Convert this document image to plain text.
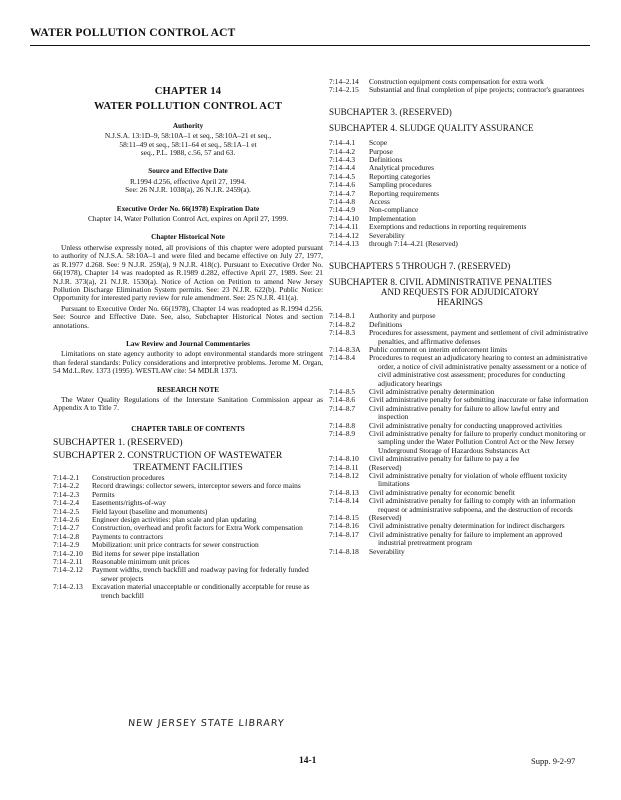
WATER POLLUTION CONTROL ACT
CHAPTER 14
WATER POLLUTION CONTROL ACT
Authority

N.J.S.A. 13:1D–9, 58:10A–1 et seq., 58:10A–21 et seq.,

58:11–49 et seq., 58:11–64 et seq., 58:1A–1 et

seq., P.L. 1988, c.56, 57 and 63.

Source and Effective Date

R.1994 d.256, effective April 27, 1994.

See: 26 N.J.R. 1038(a), 26 N.J.R. 2459(a).

Executive Order No. 66(1978) Expiration Date

Chapter 14, Water Pollution Control Act, expires on April 27, 1999.

Chapter Historical Note

Unless otherwise expressly noted, all provisions of this chapter were adopted pursuant to authority of N.J.S.A. 58:10A–1 and were filed and became effective on July 27, 1977, as R.1977 d.268. See: 9 N.J.R. 259(a), 9 N.J.R. 418(c). Pursuant to Executive Order No. 66(1978), Chapter 14 was readopted as R.1989 d.282, effective April 27, 1989. See: 21 N.J.R. 373(a), 21 N.J.R. 1530(a). Notice of Action on Petition to amend New Jersey Pollution Discharge Elimination System permits. See: 23 N.J.R. 622(b). Public Notice: Opportunity for interested party review for rule amendment. See: 25 N.J.R. 411(a).

Pursuant to Executive Order No. 66(1978), Chapter 14 was readopted as R.1994 d.256. See: Source and Effective Date. See, also, Subchapter Historical Notes and section annotations.

Law Review and Journal Commentaries

Limitations on state agency authority to adopt environmental standards more stringent than federal standards: Policy considerations and interpretive problems. Jerome M. Organ, 54 Md.L.Rev. 1373 (1995). WESTLAW cite: 54 MDLR 1373.

RESEARCH NOTE

The Water Quality Regulations of the Interstate Sanitation Commission appear as Appendix A to Title 7.

CHAPTER TABLE OF CONTENTS
SUBCHAPTER 1. (RESERVED)
SUBCHAPTER 2. CONSTRUCTION OF WASTEWATER
TREATMENT FACILITIES
7:14–2.1	Construction procedures
7:14–2.2	Record drawings: collector sewers, interceptor sewers and force mains
7:14–2.3	Permits
7:14–2.4	Easements/rights-of-way
7:14–2.5	Field layout (baseline and monuments)
7:14–2.6	Engineer design activities: plan scale and plan updating
7:14–2.7	Construction, overhead and profit factors for Extra Work compensation
7:14–2.8	Payments to contractors
7:14–2.9	Mobilization: unit price contracts for sewer construction
7:14–2.10	Bid items for sewer pipe installation
7:14–2.11	Reasonable minimum unit prices
7:14–2.12	Payment widths, trench backfill and roadway paving for federally funded sewer projects
7:14–2.13	Excavation material unacceptable or conditionally acceptable for reuse as trench backfill
7:14–2.14	Construction equipment costs compensation for extra work
7:14–2.15	Substantial and final completion of pipe projects; contractor's guarantees
SUBCHAPTER 3. (RESERVED)
SUBCHAPTER 4. SLUDGE QUALITY ASSURANCE
7:14–4.1	Scope
7:14–4.2	Purpose
7:14–4.3	Definitions
7:14–4.4	Analytical procedures
7:14–4.5	Reporting categories
7:14–4.6	Sampling procedures
7:14–4.7	Reporting requirements
7:14–4.8	Access
7:14–4.9	Non-compliance
7:14–4.10	Implementation
7:14–4.11	Exemptions and reductions in reporting requirements
7:14–4.12	Severability
7:14–4.13	through 7:14–4.21 (Reserved)
SUBCHAPTERS 5 THROUGH 7. (RESERVED)
SUBCHAPTER 8. CIVIL ADMINISTRATIVE PENALTIES
AND REQUESTS FOR ADJUDICATORY
HEARINGS
7:14–8.1	Authority and purpose
7:14–8.2	Definitions
7:14–8.3	Procedures for assessment, payment and settlement of civil administrative penalties, and affirmative defenses
7:14–8.3A	Public comment on interim enforcement limits
7:14–8.4	Procedures to request an adjudicatory hearing to contest an administrative order, a notice of civil administrative penalty assessment or a notice of civil administrative cost assessment; procedures for conducting adjudicatory hearings
7:14–8.5	Civil administrative penalty determination
7:14–8.6	Civil administrative penalty for submitting inaccurate or false information
7:14–8.7	Civil administrative penalty for failure to allow lawful entry and inspection
7:14–8.8	Civil administrative penalty for conducting unapproved activities
7:14–8.9	Civil administrative penalty for failure to properly conduct monitoring or sampling under the Water Pollution Control Act or the New Jersey Underground Storage of Hazardous Substances Act
7:14–8.10	Civil administrative penalty for failure to pay a fee
7:14–8.11	(Reserved)
7:14–8.12	Civil administrative penalty for violation of whole effluent toxicity limitations
7:14–8.13	Civil administrative penalty for economic benefit
7:14–8.14	Civil administrative penalty for failing to comply with an information request or administrative subpoena, and the destruction of records
7:14–8.15	(Reserved)
7:14–8.16	Civil administrative penalty determination for indirect dischargers
7:14–8.17	Civil administrative penalty for failure to implement an approved industrial pretreatment program
7:14–8.18	Severability
NEW JERSEY STATE LIBRARY
14-1	Supp. 9-2-97
